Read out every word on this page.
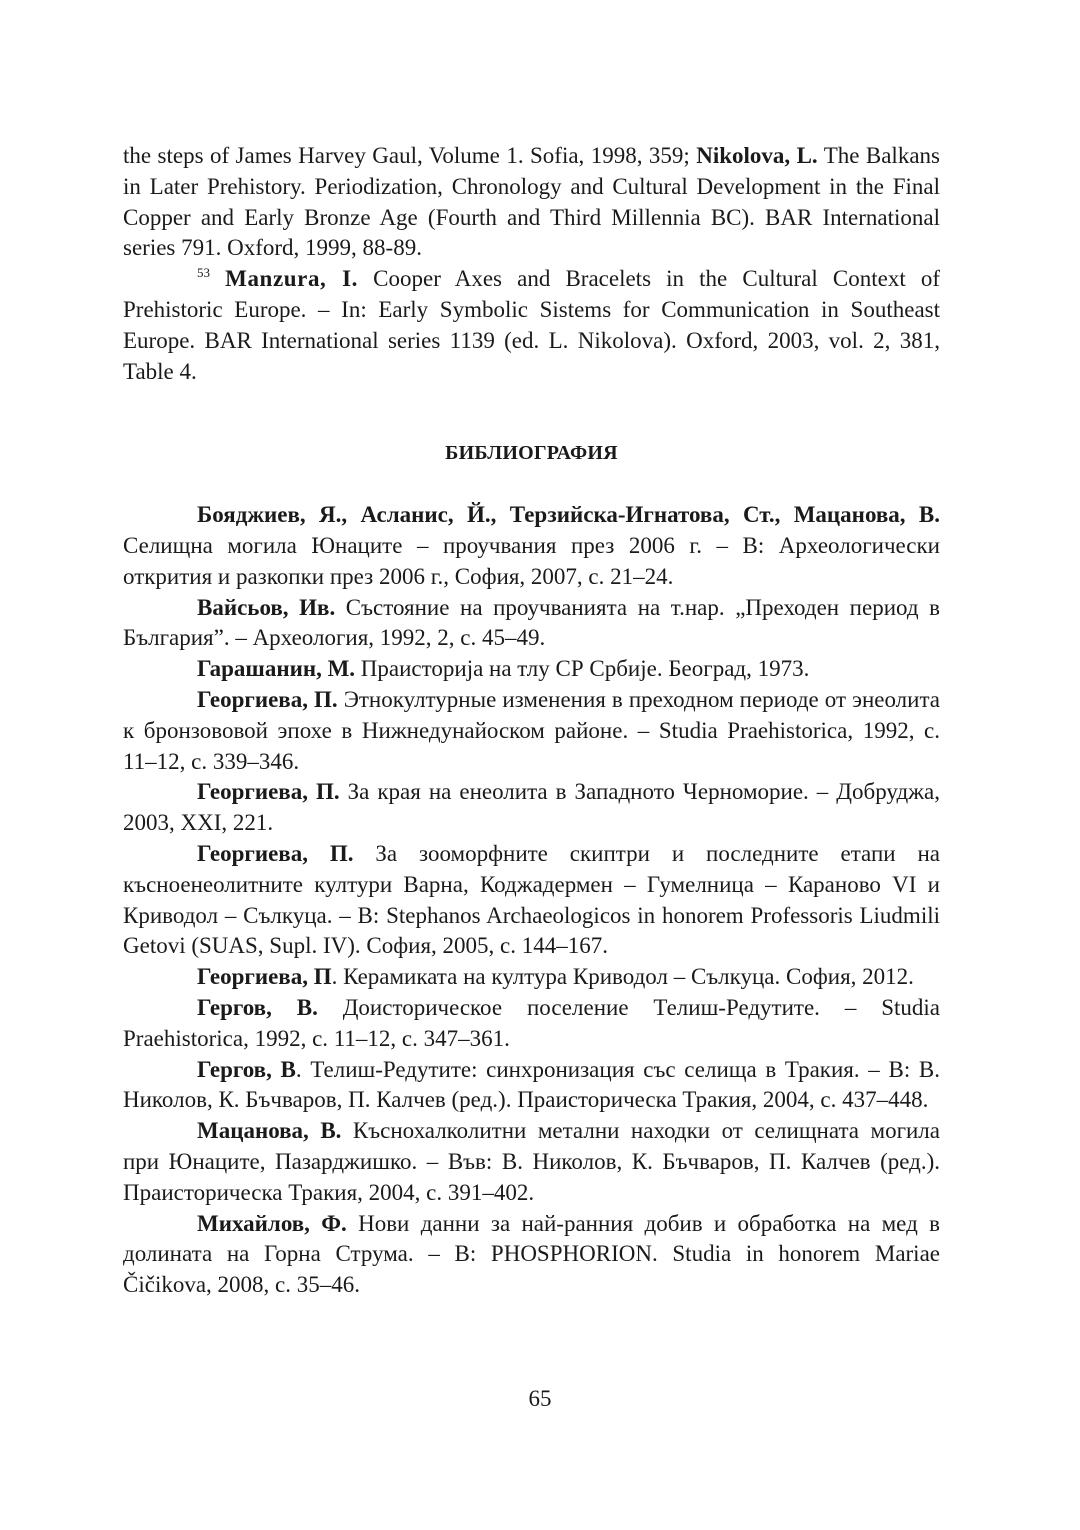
the steps of James Harvey Gaul, Volume 1. Sofia, 1998, 359; Nikolova, L. The Balkans in Later Prehistory. Periodization, Chronology and Cultural Development in the Final Copper and Early Bronze Age (Fourth and Third Millennia BC). BAR International series 791. Oxford, 1999, 88-89.

$^{53}$ Manzura, I. Cooper Axes and Bracelets in the Cultural Context of Prehistoric Europe. – In: Early Symbolic Sistems for Communication in Southeast Europe. BAR International series 1139 (ed. L. Nikolova). Oxford, 2003, vol. 2, 381, Table 4.

БИБЛИОГРАФИЯ

Бояджиев, Я., Асланис, Й., Терзийска-Игнатова, Ст., Мацанова, В. Селищна могила Юнаците – проучвания през 2006 г. – В: Археологически открития и разкопки през 2006 г., София, 2007, с. 21–24.

Вайсьов, Ив. Състояние на проучванията на т.нар. „Преходен период в България”. – Археология, 1992, 2, с. 45–49.

Гарашанин, М. Праисторија на тлу СР Србије. Београд, 1973.

Георгиева, П. Этнокултурные изменения в преходном периоде от энеолита к бронзововой эпохе в Нижнедунайоском районе. – Studia Praehistorica, 1992, с. 11–12, с. 339–346.

Георгиева, П. За края на енеолита в Западното Черноморие. – Добруджа, 2003, XXI, 221.

Георгиева, П. За зооморфните скиптри и последните етапи на късноенеолитните култури Варна, Коджадермен – Гумелница – Караново VI и Криводол – Сълкуца. – В: Stephanos Archaeologicos in honorem Professoris Liudmili Getovi (SUAS, Supl. IV). София, 2005, с. 144–167.

Георгиева, П. Керамиката на култура Криводол – Сълкуца. София, 2012.

Гергов, В. Доисторическое поселение Телиш-Редутите. – Studia Praehistorica, 1992, с. 11–12, с. 347–361.

Гергов, В. Телиш-Редутите: синхронизация със селища в Тракия. – В: В. Николов, К. Бъчваров, П. Калчев (ред.). Праисторическа Тракия, 2004, с. 437–448.

Мацанова, В. Къснохалколитни метални находки от селищната могила при Юнаците, Пазарджишко. – Във: В. Николов, К. Бъчваров, П. Калчев (ред.). Праисторическа Тракия, 2004, с. 391–402.

Михайлов, Ф. Нови данни за най-ранния добив и обработка на мед в долината на Горна Струма. – В: PHOSPHORION. Studia in honorem Mariae Čičikova, 2008, с. 35–46.

65
